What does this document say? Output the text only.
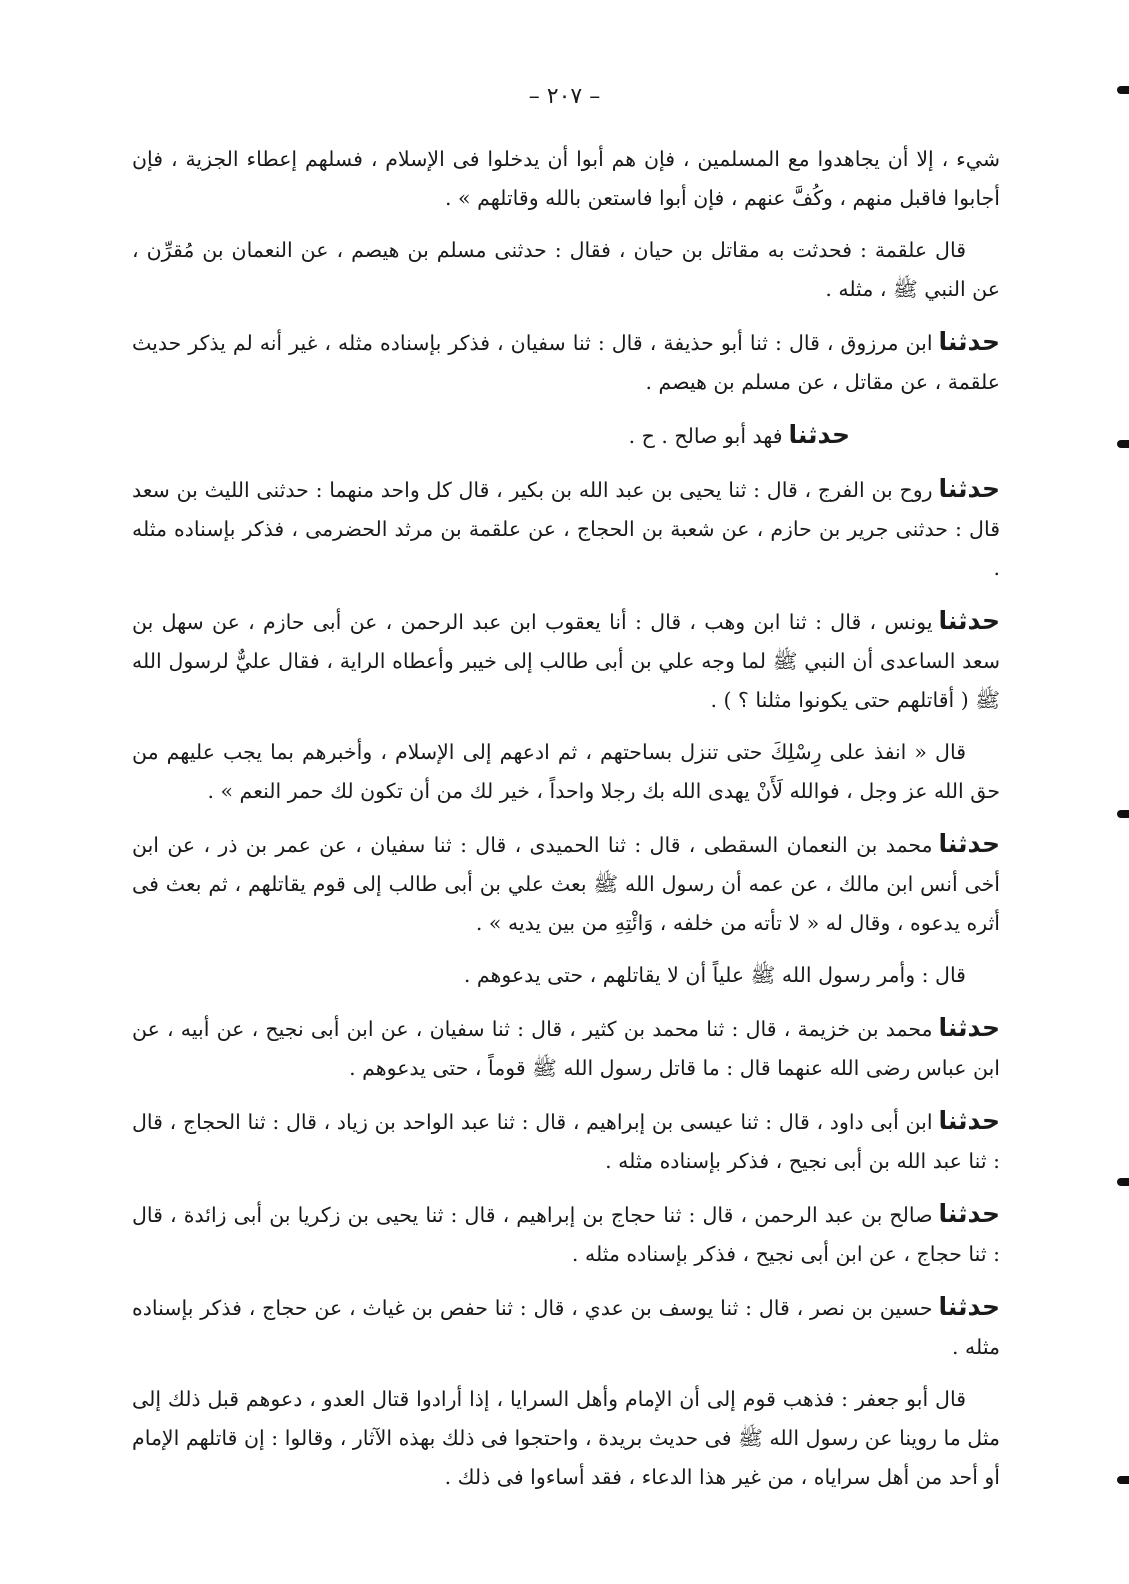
– ٢٠٧ –

شيء ، إلا أن يجاهدوا مع المسلمين ، فإن هم أبوا أن يدخلوا فى الإسلام ، فسلهم إعطاء الجزية ، فإن أجابوا فاقبل منهم ، وكُفَّ عنهم ، فإن أبوا فاستعن بالله وقاتلهم » .

قال علقمة : فحدثت به مقاتل بن حيان ، فقال : حدثنى مسلم بن هيصم ، عن النعمان بن مُقرِّن ، عن النبي ﷺ ، مثله .

حدثناابن مرزوق ، قال : ثنا أبو حذيفة ، قال : ثنا سفيان ، فذكر بإسناده مثله ، غير أنه لم يذكر حديث علقمة ، عن مقاتل ، عن مسلم بن هيصم .

حدثنافهد أبو صالح . ح .

حدثناروح بن الفرج ، قال : ثنا يحيى بن عبد الله بن بكير ، قال كل واحد منهما : حدثنى الليث بن سعد قال : حدثنى جرير بن حازم ، عن شعبة بن الحجاج ، عن علقمة بن مرثد الحضرمى ، فذكر بإسناده مثله .

حدثنايونس ، قال : ثنا ابن وهب ، قال : أنا يعقوب ابن عبد الرحمن ، عن أبى حازم ، عن سهل بن سعد الساعدى أن النبي ﷺ لما وجه علي بن أبى طالب إلى خيبر وأعطاه الراية ، فقال عليٌّ لرسول الله ﷺ ( أقاتلهم حتى يكونوا مثلنا ؟ ) .

قال « انفذ على رِسْلِكَ حتى تنزل بساحتهم ، ثم ادعهم إلى الإسلام ، وأخبرهم بما يجب عليهم من حق الله عز وجل ، فوالله لَأَنْ يهدى الله بك رجلا واحداً ، خير لك من أن تكون لك حمر النعم » .

حدثنامحمد بن النعمان السقطى ، قال : ثنا الحميدى ، قال : ثنا سفيان ، عن عمر بن ذر ، عن ابن أخى أنس ابن مالك ، عن عمه أن رسول الله ﷺ بعث علي بن أبى طالب إلى قوم يقاتلهم ، ثم بعث فى أثره يدعوه ، وقال له « لا تأته من خلفه ، وَائْتِهِ من بين يديه » .

قال : وأمر رسول الله ﷺ علياً أن لا يقاتلهم ، حتى يدعوهم .

حدثنامحمد بن خزيمة ، قال : ثنا محمد بن كثير ، قال : ثنا سفيان ، عن ابن أبى نجيح ، عن أبيه ، عن ابن عباس رضى الله عنهما قال : ما قاتل رسول الله ﷺ قوماً ، حتى يدعوهم .

حدثناابن أبى داود ، قال : ثنا عيسى بن إبراهيم ، قال : ثنا عبد الواحد بن زياد ، قال : ثنا الحجاج ، قال : ثنا عبد الله بن أبى نجيح ، فذكر بإسناده مثله .

حدثناصالح بن عبد الرحمن ، قال : ثنا حجاج بن إبراهيم ، قال : ثنا يحيى بن زكريا بن أبى زائدة ، قال : ثنا حجاج ، عن ابن أبى نجيح ، فذكر بإسناده مثله .

حدثناحسين بن نصر ، قال : ثنا يوسف بن عدي ، قال : ثنا حفص بن غياث ، عن حجاج ، فذكر بإسناده مثله .

قال أبو جعفر : فذهب قوم إلى أن الإمام وأهل السرايا ، إذا أرادوا قتال العدو ، دعوهم قبل ذلك إلى مثل ما روينا عن رسول الله ﷺ فى حديث بريدة ، واحتجوا فى ذلك بهذه الآثار ، وقالوا : إن قاتلهم الإمام أو أحد من أهل سراياه ، من غير هذا الدعاء ، فقد أساءوا فى ذلك .
